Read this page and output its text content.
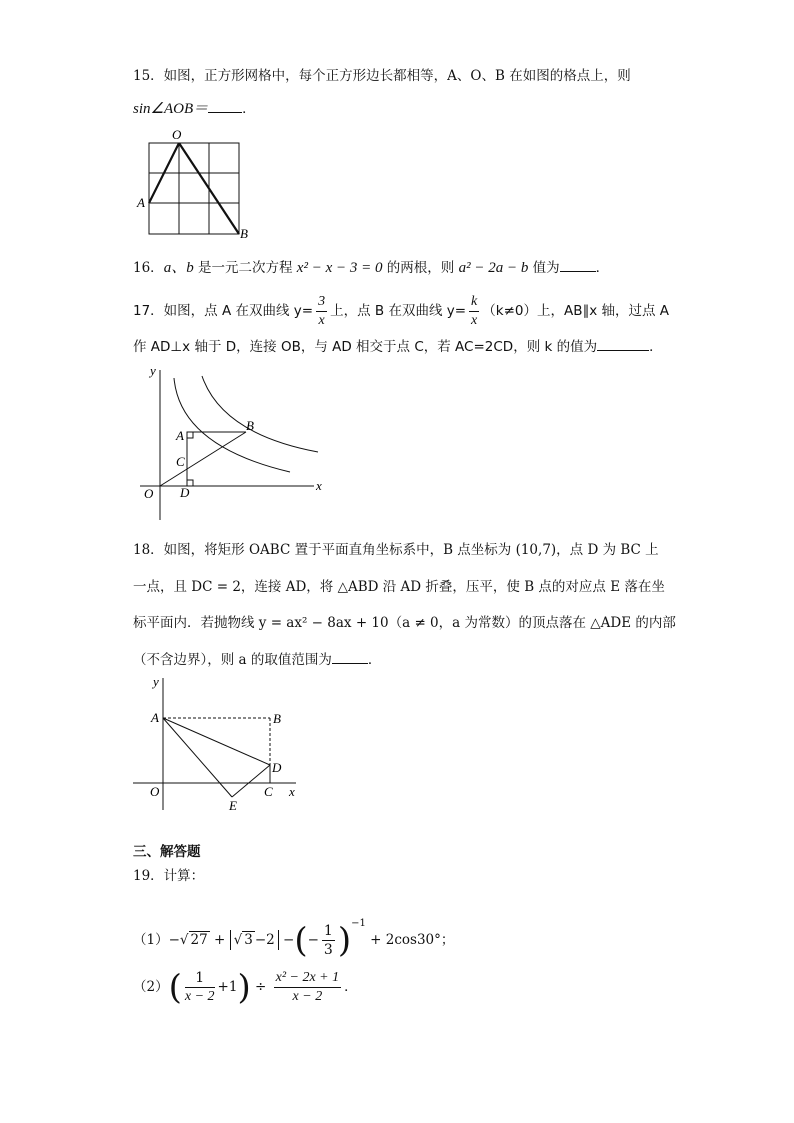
15．如图，正方形网格中，每个正方形边长都相等，A、O、B 在如图的格点上，则
sin∠AOB＝	．
O
A
B
16．a、b 是一元二次方程 x² − x − 3 = 0 的两根，则 a² − 2a − b 值为	．
17．如图，点 A 在双曲线 $y= \frac{3}{x}$ 上，点 B 在双曲线 $y= \frac{k}{x} (k\ne 0)$上，AB∥x 轴，过点 A
作 AD⊥x 轴于 D，连接 OB，与 AD 相交于点 C，若 AC=2CD，则 k 的值为	．
y
x
O
A
B
C
D
18．如图，将矩形 OABC 置于平面直角坐标系中，B 点坐标为 (10,7)，点 D 为 BC 上
一点，且 DC = 2，连接 AD，将 △ABD 沿 AD 折叠，压平，使 B 点的对应点 E 落在坐
标平面内．若抛物线 y = ax² − 8ax + 10（a ≠ 0，a 为常数）的顶点落在 △ADE 的内部
（不含边界），则 a 的取值范围为	．
y
x
O
A	B
C
D
E
三、解答题
19．计算：
（1）−√ 27 + √ 3 −2 −(− $\frac{1}{3} )^{-1} + 2\cos 30^\circ$；
$(2)( \frac{1}{x - 2} +1) \div \frac{\text{x² − 2x + 1}}{x - 2}$ ．
